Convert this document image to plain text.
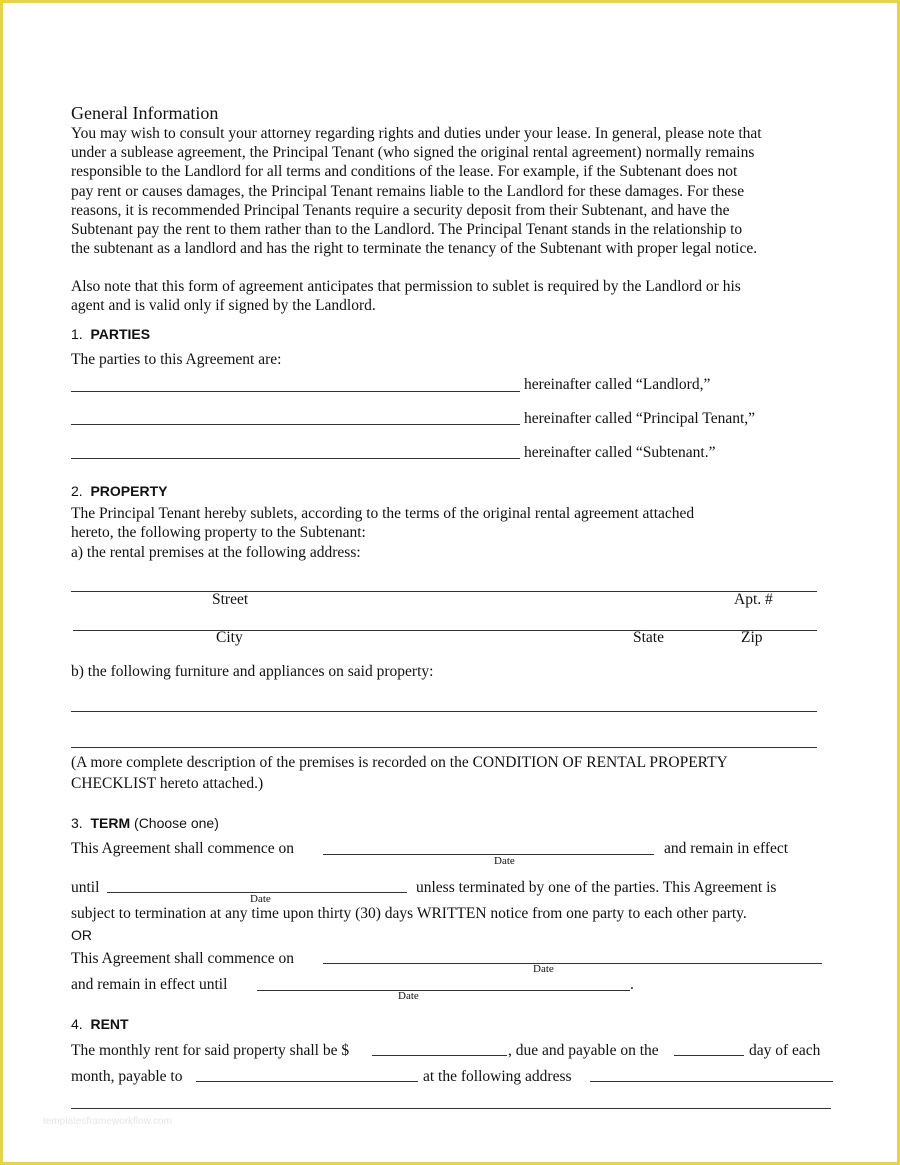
General Information
You may wish to consult your attorney regarding rights and duties under your lease. In general, please note that
under a sublease agreement, the Principal Tenant (who signed the original rental agreement) normally remains
responsible to the Landlord for all terms and conditions of the lease. For example, if the Subtenant does not
pay rent or causes damages, the Principal Tenant remains liable to the Landlord for these damages. For these
reasons, it is recommended Principal Tenants require a security deposit from their Subtenant, and have the
Subtenant pay the rent to them rather than to the Landlord. The Principal Tenant stands in the relationship to
the subtenant as a landlord and has the right to terminate the tenancy of the Subtenant with proper legal notice.
Also note that this form of agreement anticipates that permission to sublet is required by the Landlord or his
agent and is valid only if signed by the Landlord.
1. PARTIES
The parties to this Agreement are:
hereinafter called “Landlord,”
hereinafter called “Principal Tenant,”
hereinafter called “Subtenant.”
2. PROPERTY
The Principal Tenant hereby sublets, according to the terms of the original rental agreement attached
hereto, the following property to the Subtenant:
a) the rental premises at the following address:
Street	Apt. #
City	State	Zip
b) the following furniture and appliances on said property:
(A more complete description of the premises is recorded on the CONDITION OF RENTAL PROPERTY
CHECKLIST hereto attached.)
3. TERM (Choose one)
This Agreement shall commence on
Date
and remain in effect
until
Date
unless terminated by one of the parties. This Agreement is
subject to termination at any time upon thirty (30) days WRITTEN notice from one party to each other party.
OR
This Agreement shall commence on
Date
and remain in effect until	.
Date
4. RENT
The monthly rent for said property shall be $	, due and payable on the	day of each
month, payable to	at the following address
templatesframeworkflow.com
